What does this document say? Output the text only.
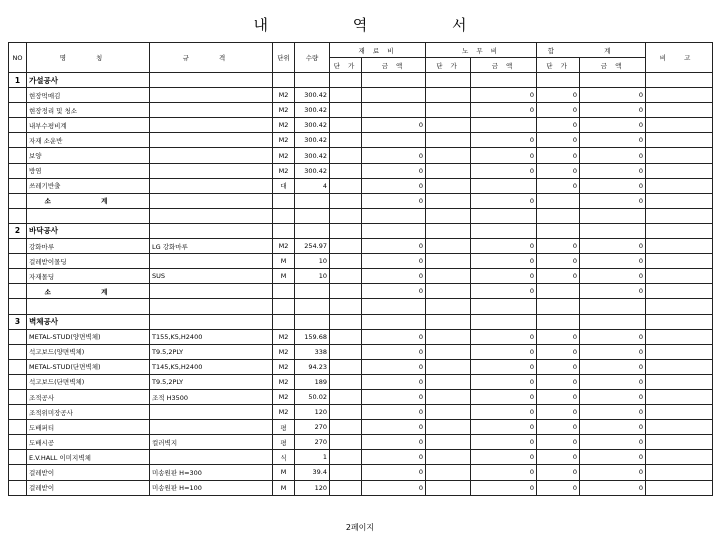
내 역 서
NO	명 칭	규 격	단위	수량	재 료 비		노 무 비		합 계		비 고
					단 가	금 액	단 가	금 액	단 가	금 액	
1	가설공사										
	현장먹매김		M2	300.42				0	0	0	
	현장정리 및 청소		M2	300.42				0	0	0	
	내부수평비계		M2	300.42		0			0	0	
	자재 소운반		M2	300.42				0	0	0	
	보양		M2	300.42		0		0	0	0	
	방염		M2	300.42		0		0	0	0	
	쓰레기반출		대	4		0			0	0	
	소 계					0		0		0	

2	바닥공사										
	강화마루	LG 강화마루	M2	254.97		0		0	0	0	
	걸레받이몰딩		M	10		0		0	0	0	
	자재몰딩	SUS	M	10		0		0	0	0	
	소 계					0		0		0	

3	벽체공사										
	METAL-STUD(양면벽체)	T155,K5,H2400	M2	159.68		0		0	0	0	
	석고보드(양면벽체)	T9.5,2PLY	M2	338		0		0	0	0	
	METAL-STUD(단면벽체)	T145,K5,H2400	M2	94.23		0		0	0	0	
	석고보드(단면벽체)	T9.5,2PLY	M2	189		0		0	0	0	
	조적공사	조적 H3500	M2	50.02		0		0	0	0	
	조적위미장공사		M2	120		0		0	0	0	
	도배퍼티		평	270		0		0	0	0	
	도배시공	컬러벽지	평	270		0		0	0	0	
	E.V.HALL 이미지벽체		식	1		0		0	0	0	
	걸레받이	미송원판 H=300	M	39.4		0		0	0	0	
	걸레받이	미송원판 H=100	M	120		0		0	0	0	
2페이지
